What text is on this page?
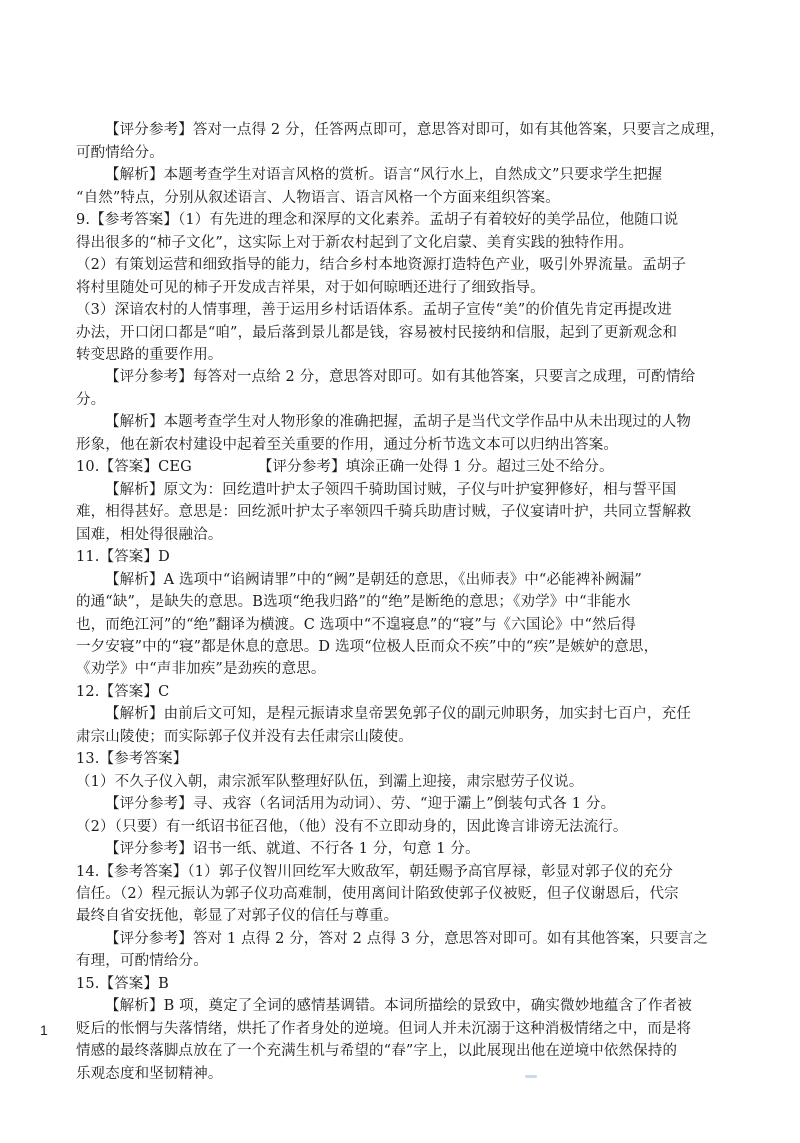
【评分参考】答对一点得 2 分，任答两点即可，意思答对即可，如有其他答案，只要言之成理，
可酌情给分。
【解析】本题考查学生对语言风格的赏析。语言“风行水上，自然成文”只要求学生把握
“自然”特点，分别从叙述语言、人物语言、语言风格一个方面来组织答案。
9.【参考答案】（1）有先进的理念和深厚的文化素养。孟胡子有着较好的美学品位，他随口说
得出很多的“柿子文化”，这实际上对于新农村起到了文化启蒙、美育实践的独特作用。
（2）有策划运营和细致指导的能力，结合乡村本地资源打造特色产业，吸引外界流量。孟胡子
将村里随处可见的柿子开发成吉祥果，对于如何晾晒还进行了细致指导。
（3）深谙农村的人情事理，善于运用乡村话语体系。孟胡子宣传“美”的价值先肯定再提改进
办法，开口闭口都是“咱”，最后落到景儿都是钱，容易被村民接纳和信服，起到了更新观念和
转变思路的重要作用。
【评分参考】每答对一点给 2 分，意思答对即可。如有其他答案，只要言之成理，可酌情给
分。
【解析】本题考查学生对人物形象的准确把握，孟胡子是当代文学作品中从未出现过的人物
形象，他在新农村建设中起着至关重要的作用，通过分析节选文本可以归纳出答案。
10.【答案】CEG　　　　　【评分参考】填涂正确一处得 1 分。超过三处不给分。
【解析】原文为：回纥遣叶护太子领四千骑助国讨贼，子仪与叶护宴狎修好，相与誓平国
难，相得甚好。意思是：回纥派叶护太子率领四千骑兵助唐讨贼，子仪宴请叶护，共同立誓解救
国难，相处得很融洽。
11.【答案】D
【解析】A 选项中“谄阙请罪”中的“阙”是朝廷的意思，《出师表》中“必能裨补阙漏”
的通“缺”，是缺失的意思。B选项“绝我归路”的“绝”是断绝的意思；《劝学》中“非能水
也，而绝江河”的“绝”翻译为横渡。C 选项中“不遑寝息”的“寝”与《六国论》中“然后得
一夕安寝”中的“寝”都是休息的意思。D 选项“位极人臣而众不疾”中的“疾”是嫉妒的意思，
《劝学》中“声非加疾”是劲疾的意思。
12.【答案】C
【解析】由前后文可知，是程元振请求皇帝罢免郭子仪的副元帅职务，加实封七百户，充任
肃宗山陵使；而实际郭子仪并没有去任肃宗山陵使。
13.【参考答案】
（1）不久子仪入朝，肃宗派军队整理好队伍，到灞上迎接，肃宗慰劳子仪说。
【评分参考】寻、戎容（名词活用为动词）、劳、“迎于灞上”倒装句式各 1 分。
（2）（只要）有一纸诏书征召他，（他）没有不立即动身的，因此谗言诽谤无法流行。
【评分参考】诏书一纸、就道、不行各 1 分，句意 1 分。
14.【参考答案】（1）郭子仪智川回纥军大败敌军，朝廷赐予高官厚禄，彰显对郭子仪的充分
信任。（2）程元振认为郭子仪功高难制，使用离间计陷致使郭子仪被贬，但子仪谢恩后，代宗
最终自省安抚他，彰显了对郭子仪的信任与尊重。
【评分参考】答对 1 点得 2 分，答对 2 点得 3 分，意思答对即可。如有其他答案，只要言之
有理，可酌情给分。
15.【答案】B
【解析】B 项，奠定了全词的感情基调错。本词所描绘的景致中，确实微妙地蕴含了作者被
贬后的怅惘与失落情绪，烘托了作者身处的逆境。但词人并未沉溺于这种消极情绪之中，而是将
情感的最终落脚点放在了一个充满生机与希望的“春”字上，以此展现出他在逆境中依然保持的
乐观态度和坚韧精神。
1
